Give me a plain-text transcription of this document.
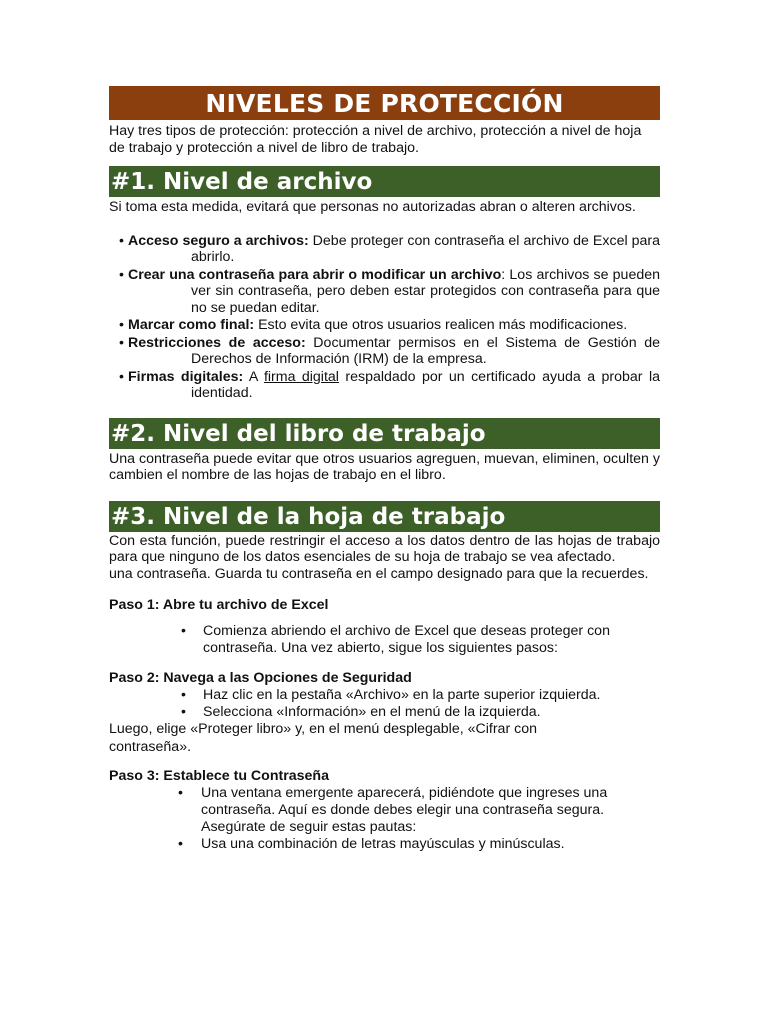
NIVELES DE PROTECCIÓN

Hay tres tipos de protección: protección a nivel de archivo, protección a nivel de hoja de trabajo y protección a nivel de libro de trabajo.

#1. Nivel de archivo

Si toma esta medida, evitará que personas no autorizadas abran o alteren archivos.

• Acceso seguro a archivos: Debe proteger con contraseña el archivo de Excel para abrirlo.
• Crear una contraseña para abrir o modificar un archivo: Los archivos se pueden ver sin contraseña, pero deben estar protegidos con contraseña para que no se puedan editar.
• Marcar como final: Esto evita que otros usuarios realicen más modificaciones.
• Restricciones de acceso: Documentar permisos en el Sistema de Gestión de Derechos de Información (IRM) de la empresa.
• Firmas digitales: A firma digital respaldado por un certificado ayuda a probar la identidad.
#2. Nivel del libro de trabajo

Una contraseña puede evitar que otros usuarios agreguen, muevan, eliminen, oculten y cambien el nombre de las hojas de trabajo en el libro.

#3. Nivel de la hoja de trabajo

Con esta función, puede restringir el acceso a los datos dentro de las hojas de trabajo para que ninguno de los datos esenciales de su hoja de trabajo se vea afectado.

una contraseña. Guarda tu contraseña en el campo designado para que la recuerdes.

Paso 1: Abre tu archivo de Excel
• Comienza abriendo el archivo de Excel que deseas proteger con contraseña. Una vez abierto, sigue los siguientes pasos:
Paso 2: Navega a las Opciones de Seguridad
• Haz clic en la pestaña «Archivo» en la parte superior izquierda.
• Selecciona «Información» en el menú de la izquierda.

Luego, elige «Proteger libro» y, en el menú desplegable, «Cifrar con contraseña».

Paso 3: Establece tu Contraseña
• Una ventana emergente aparecerá, pidiéndote que ingreses una contraseña. Aquí es donde debes elegir una contraseña segura. Asegúrate de seguir estas pautas:
• Usa una combinación de letras mayúsculas y minúsculas.
